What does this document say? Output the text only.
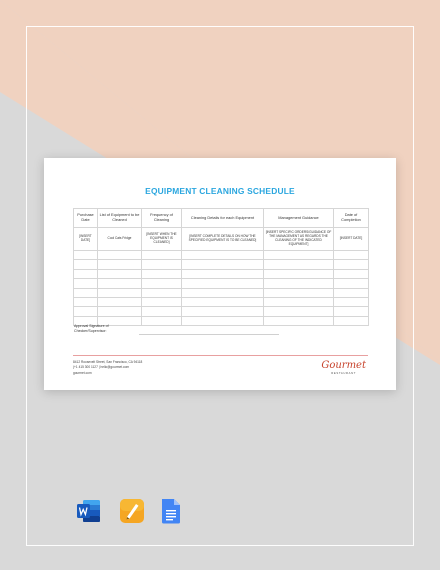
EQUIPMENT CLEANING SCHEDULE
Purchase Date	List of Equipment to be Cleaned	Frequency of Cleaning	Cleaning Details for each Equipment	Management Guidance	Date of Completion
[INSERT DATE]	Cool Cats Fridge	[INSERT WHEN THE EQUIPMENT IS CLEANED]	[INSERT COMPLETE DETAILS ON HOW THE SPECIFIED EQUIPMENT IS TO BE CLEANED]	[INSERT SPECIFIC ORDERS/GUIDANCE OF THE MANAGEMENT AS REGARDS THE CLEANING OF THE INDICATED EQUIPMENT]	[INSERT DATE]

Approval Signature of Checker/Supervisor:
8412 Roosevelt Street, San Francisco, CA 94118
(+1 415 300 1127 | hello@gourmet.com
gourmet.com
Gourmet
RESTAURANT
